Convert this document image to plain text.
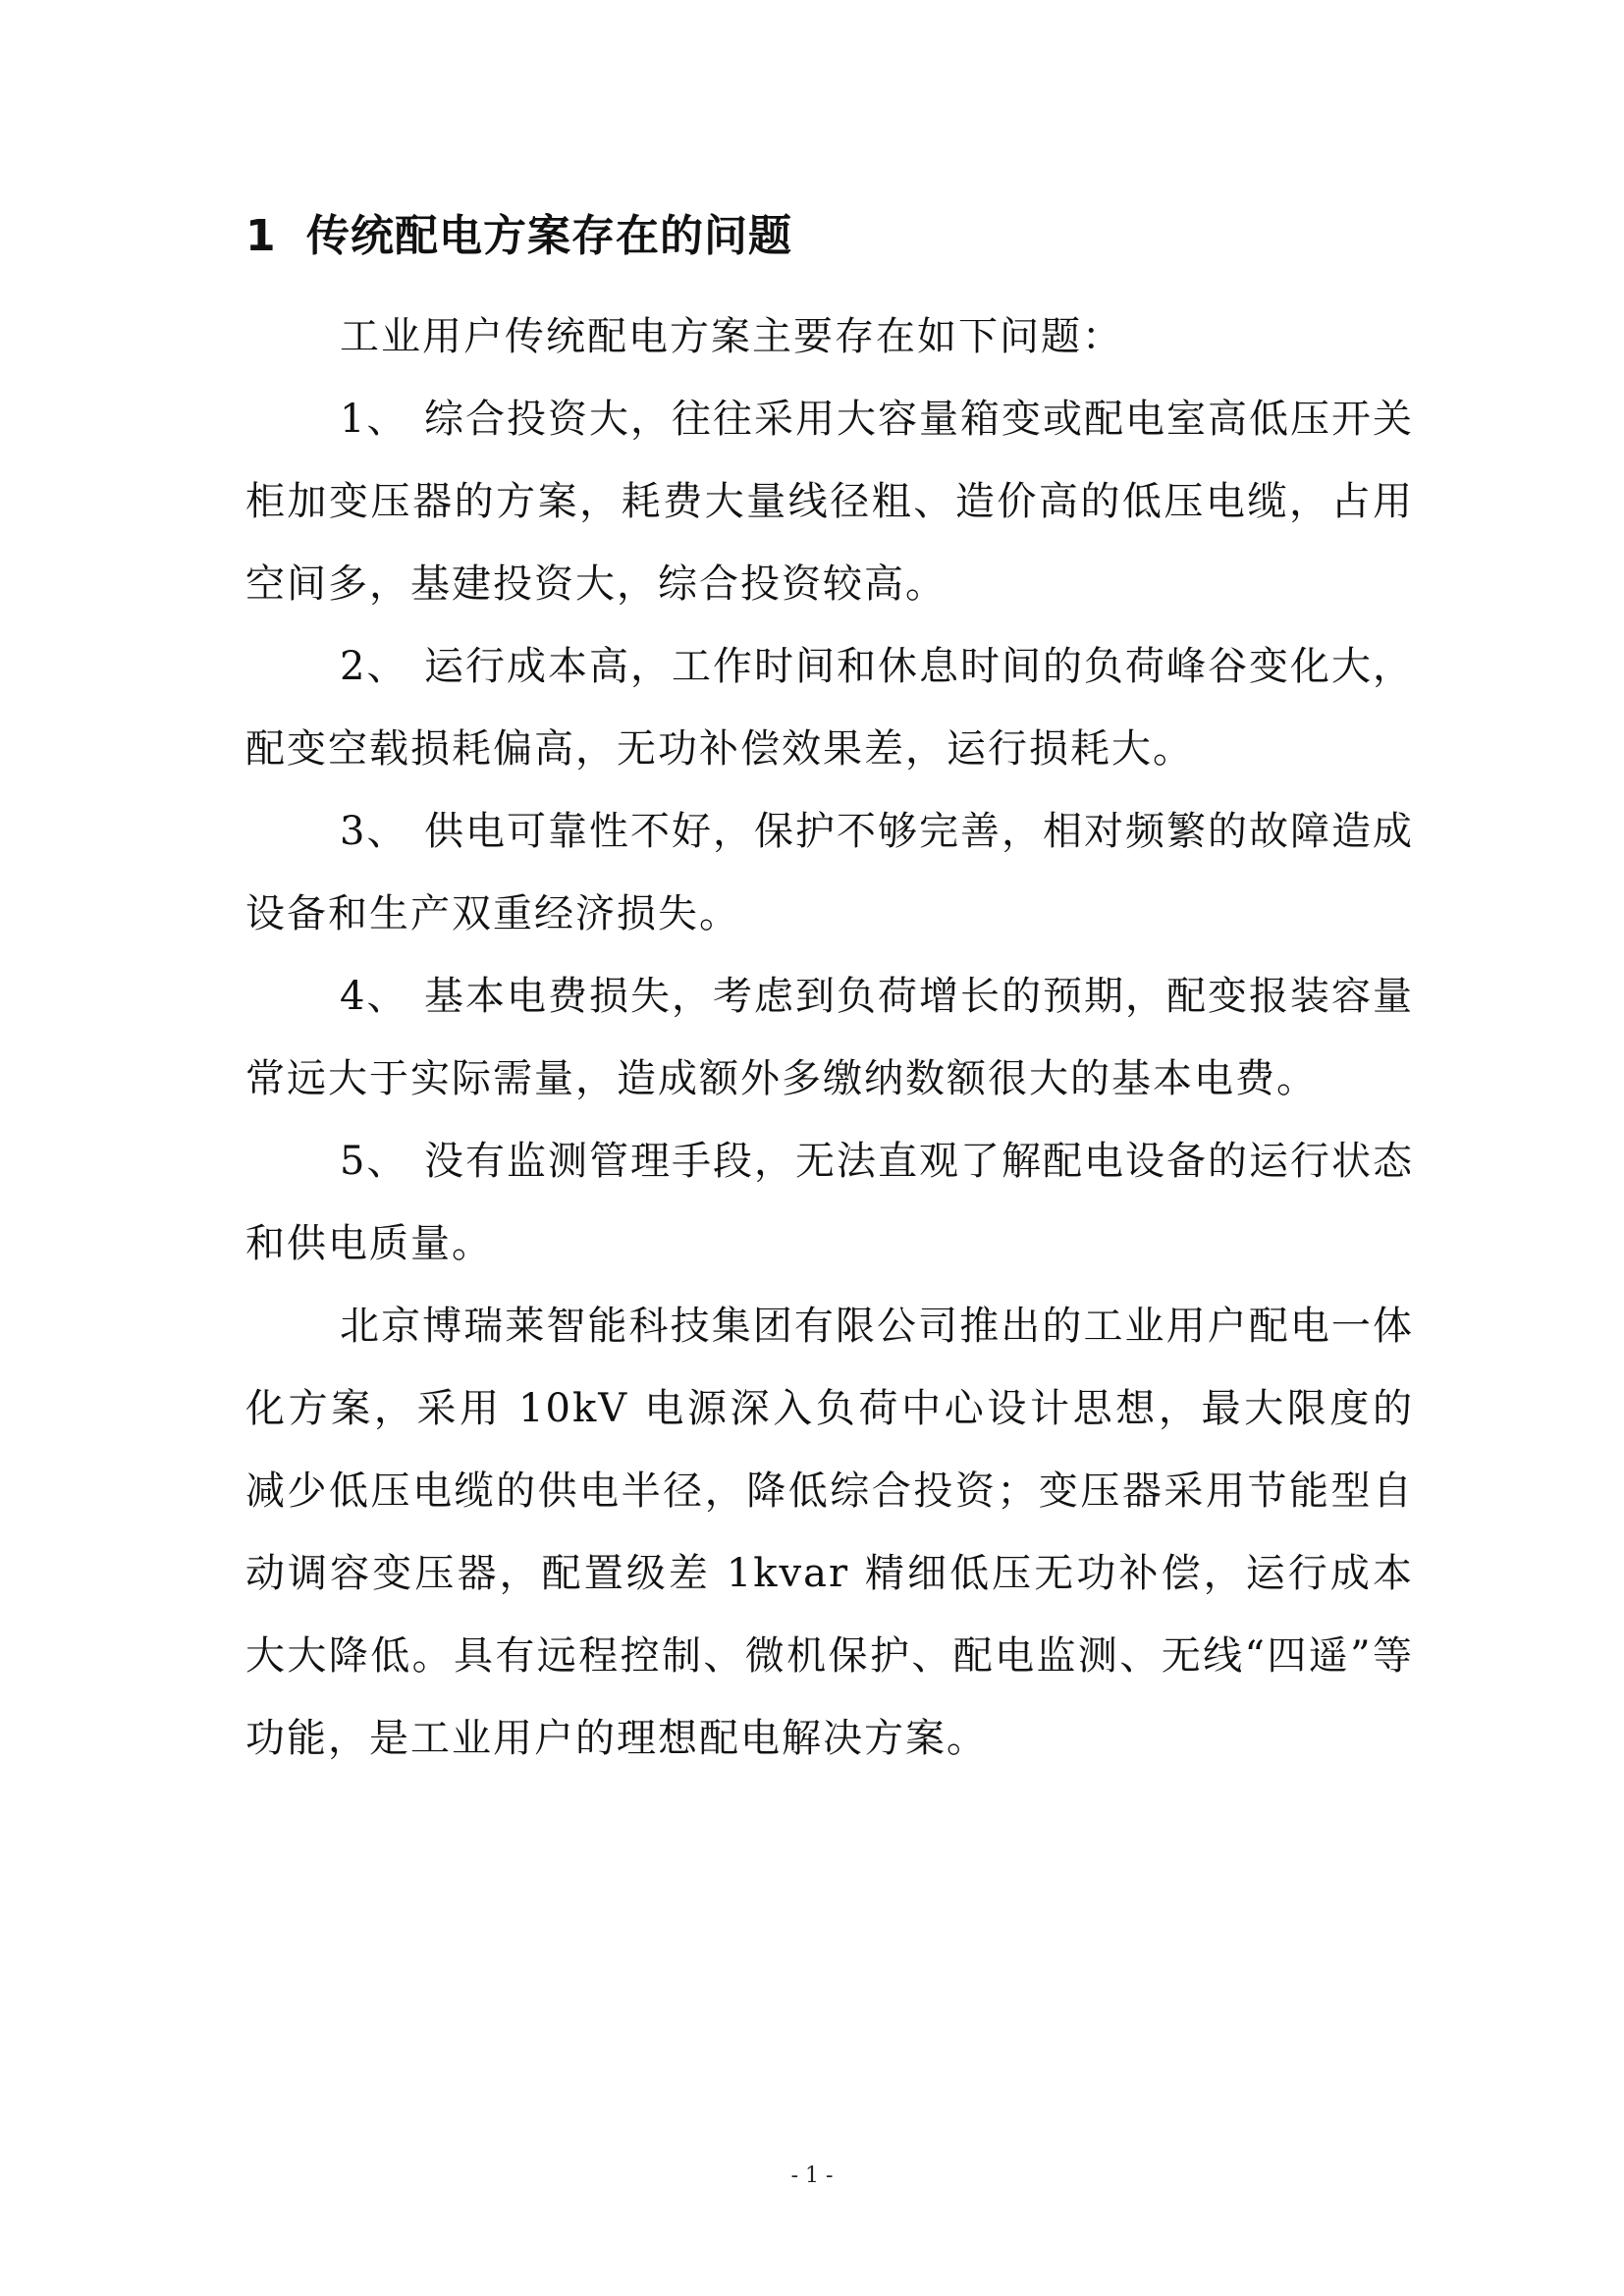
1 传统配电方案存在的问题

工业用户传统配电方案主要存在如下问题：

1、 综合投资大，往往采用大容量箱变或配电室高低压开关柜加变压器的方案，耗费大量线径粗、造价高的低压电缆，占用空间多，基建投资大，综合投资较高。

2、 运行成本高，工作时间和休息时间的负荷峰谷变化大，配变空载损耗偏高，无功补偿效果差，运行损耗大。

3、 供电可靠性不好，保护不够完善，相对频繁的故障造成设备和生产双重经济损失。

4、 基本电费损失，考虑到负荷增长的预期，配变报装容量常远大于实际需量，造成额外多缴纳数额很大的基本电费。

5、 没有监测管理手段，无法直观了解配电设备的运行状态和供电质量。

北京博瑞莱智能科技集团有限公司推出的工业用户配电一体化方案，采用 10kV 电源深入负荷中心设计思想，最大限度的减少低压电缆的供电半径，降低综合投资；变压器采用节能型自动调容变压器，配置级差 1kvar 精细低压无功补偿，运行成本大大降低。具有远程控制、微机保护、配电监测、无线“四遥”等功能，是工业用户的理想配电解决方案。

- 1 -
